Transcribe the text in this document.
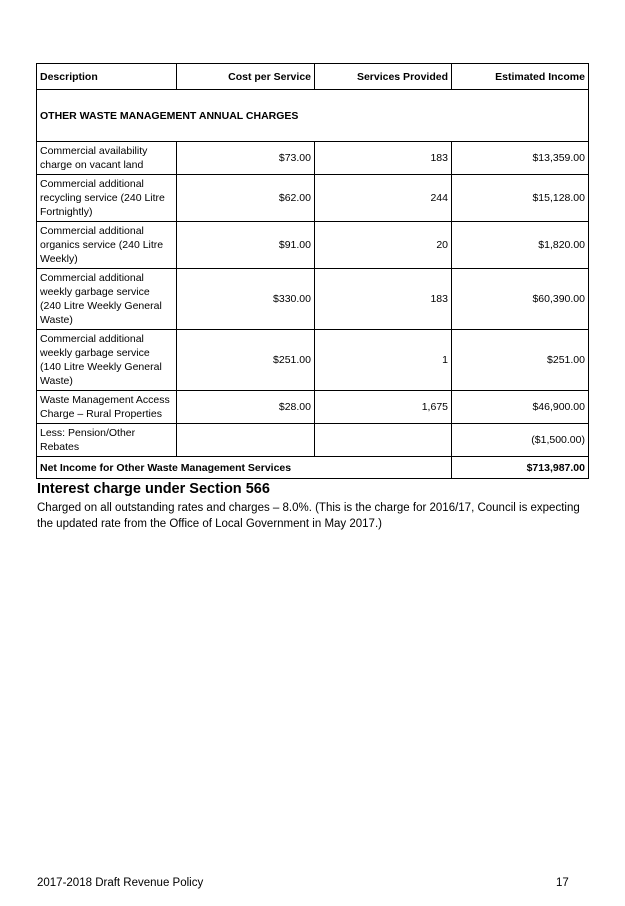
Description	Cost per Service	Services Provided	Estimated Income
OTHER WASTE MANAGEMENT ANNUAL CHARGES			
Commercial availability charge on vacant land	$73.00	183	$13,359.00
Commercial additional recycling service (240 Litre Fortnightly)	$62.00	244	$15,128.00
Commercial additional organics service (240 Litre Weekly)	$91.00	20	$1,820.00
Commercial additional weekly garbage service (240 Litre Weekly General Waste)	$330.00	183	$60,390.00
Commercial additional weekly garbage service (140 Litre Weekly General Waste)	$251.00	1	$251.00
Waste Management Access Charge – Rural Properties	$28.00	1,675	$46,900.00
Less: Pension/Other Rebates			($1,500.00)
Net Income for Other Waste Management Services			$713,987.00
Interest charge under Section 566

Charged on all outstanding rates and charges – 8.0%. (This is the charge for 2016/17, Council is expecting the updated rate from the Office of Local Government in May 2017.)

2017-2018 Draft Revenue Policy	17
